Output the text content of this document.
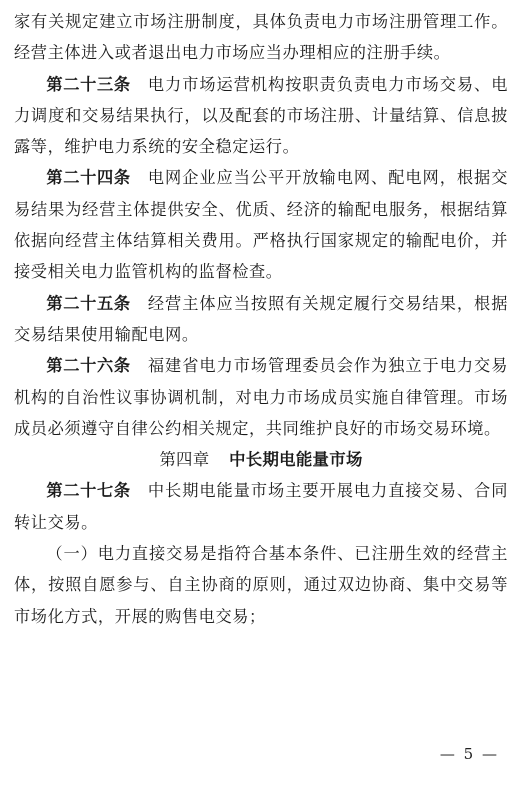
家有关规定建立市场注册制度，具体负责电力市场注册管理工作。经营主体进入或者退出电力市场应当办理相应的注册手续。

第二十三条  电力市场运营机构按职责负责电力市场交易、电力调度和交易结果执行，以及配套的市场注册、计量结算、信息披露等，维护电力系统的安全稳定运行。

第二十四条  电网企业应当公平开放输电网、配电网，根据交易结果为经营主体提供安全、优质、经济的输配电服务，根据结算依据向经营主体结算相关费用。严格执行国家规定的输配电价，并接受相关电力监管机构的监督检查。

第二十五条  经营主体应当按照有关规定履行交易结果，根据交易结果使用输配电网。

第二十六条  福建省电力市场管理委员会作为独立于电力交易机构的自治性议事协调机制，对电力市场成员实施自律管理。市场成员必须遵守自律公约相关规定，共同维护良好的市场交易环境。

第四章 中长期电能量市场

第二十七条  中长期电能量市场主要开展电力直接交易、合同转让交易。

（一）电力直接交易是指符合基本条件、已注册生效的经营主体，按照自愿参与、自主协商的原则，通过双边协商、集中交易等市场化方式，开展的购售电交易；

— 5 —
